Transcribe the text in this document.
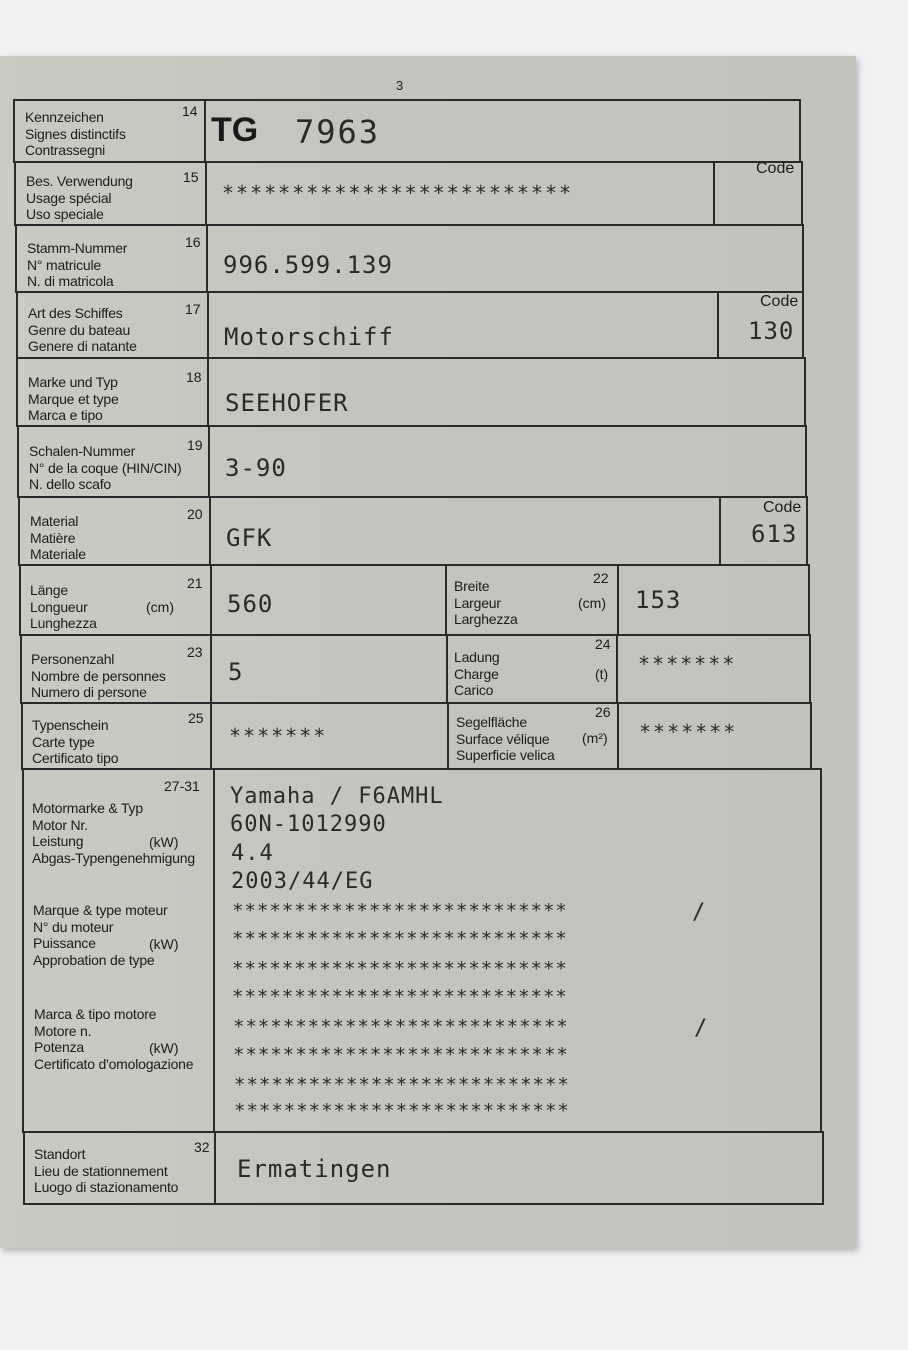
3
Kennzeichen
Signes distinctifs
Contrassegni
14 TG 7963
Bes. Verwendung
Usage spécial
Uso speciale
15
*************************
Code
Stamm-Nummer
N° matricule
N. di matricola
16
996.599.139
Art des Schiffes
Genre du bateau
Genere di natante
17
Motorschiff
Code
130
Marke und Typ
Marque et type
Marca e tipo
18
SEEHOFER
Schalen-Nummer
N° de la coque (HIN/CIN)
N. dello scafo
19
3-90
Material
Matière
Materiale
20
GFK
Code
613
Länge
Longueur
Lunghezza
(cm)
21
560
Breite
Largeur
Larghezza
(cm)
22
153
Personenzahl
Nombre de personnes
Numero di persone
23
5
Ladung
Charge
Carico
(t)
24
*******
Typenschein
Carte type
Certificato tipo
25
*******
Segelfläche
Surface vélique
Superficie velica
(m²)
26
*******
27-31
Motormarke & Typ
Motor Nr.
Leistung
Abgas-Typengenehmigung
(kW)
Marque & type moteur
N° du moteur
Puissance
Approbation de type
(kW)
Marca & tipo motore
Motore n.
Potenza
Certificato d'omologazione
(kW)
Yamaha / F6AMHL
60N-1012990
4.4
2003/44/EG
***************************	/
***************************
***************************
***************************
***************************	/
***************************
***************************
***************************
Standort
Lieu de stationnement
Luogo di stazionamento
32
Ermatingen
